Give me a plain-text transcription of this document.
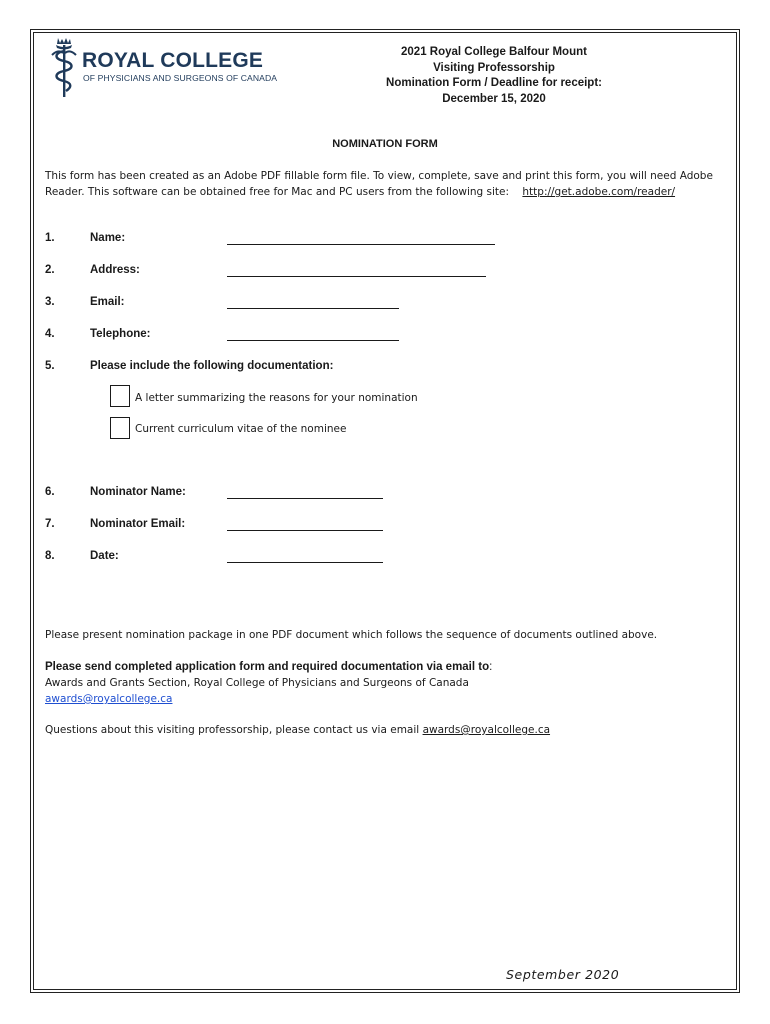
ROYAL COLLEGE
OF PHYSICIANS AND SURGEONS OF CANADA
2021 Royal College Balfour Mount
Visiting Professorship
Nomination Form / Deadline for receipt:
December 15, 2020
NOMINATION FORM
This form has been created as an Adobe PDF fillable form file. To view, complete, save and print this form, you will need Adobe Reader. This software can be obtained free for Mac and PC users from the following site: http://get.adobe.com/reader/
1.	Name:
2.	Address:
3.	Email:
4.	Telephone:
5.	Please include the following documentation:
A letter summarizing the reasons for your nomination
Current curriculum vitae of the nominee
6.	Nominator Name:
7.	Nominator Email:
8.	Date:
Please present nomination package in one PDF document which follows the sequence of documents outlined above.
Please send completed application form and required documentation via email to:
Awards and Grants Section, Royal College of Physicians and Surgeons of Canada
awards@royalcollege.ca
Questions about this visiting professorship, please contact us via email awards@royalcollege.ca
September 2020
